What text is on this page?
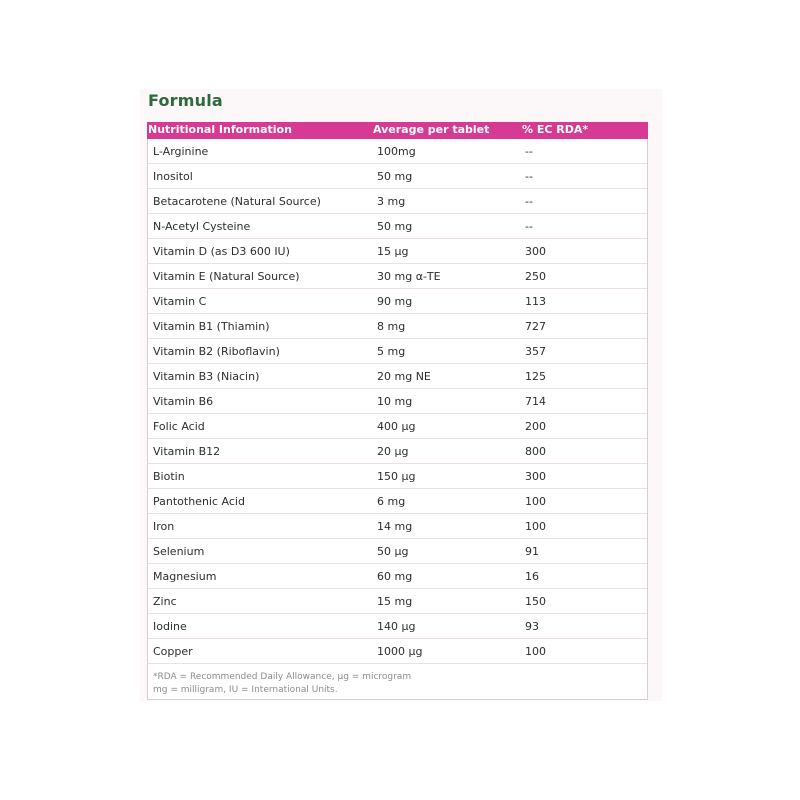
Formula
Nutritional Information	Average per tablet	% EC RDA*
L-Arginine	100mg	--
Inositol	50 mg	--
Betacarotene (Natural Source)	3 mg	--
N-Acetyl Cysteine	50 mg	--
Vitamin D (as D3 600 IU)	15 µg	300
Vitamin E (Natural Source)	30 mg α-TE	250
Vitamin C	90 mg	113
Vitamin B1 (Thiamin)	8 mg	727
Vitamin B2 (Riboflavin)	5 mg	357
Vitamin B3 (Niacin)	20 mg NE	125
Vitamin B6	10 mg	714
Folic Acid	400 µg	200
Vitamin B12	20 µg	800
Biotin	150 µg	300
Pantothenic Acid	6 mg	100
Iron	14 mg	100
Selenium	50 µg	91
Magnesium	60 mg	16
Zinc	15 mg	150
Iodine	140 µg	93
Copper	1000 µg	100
*RDA = Recommended Daily Allowance, µg = microgram
mg = milligram, IU = International Units.
